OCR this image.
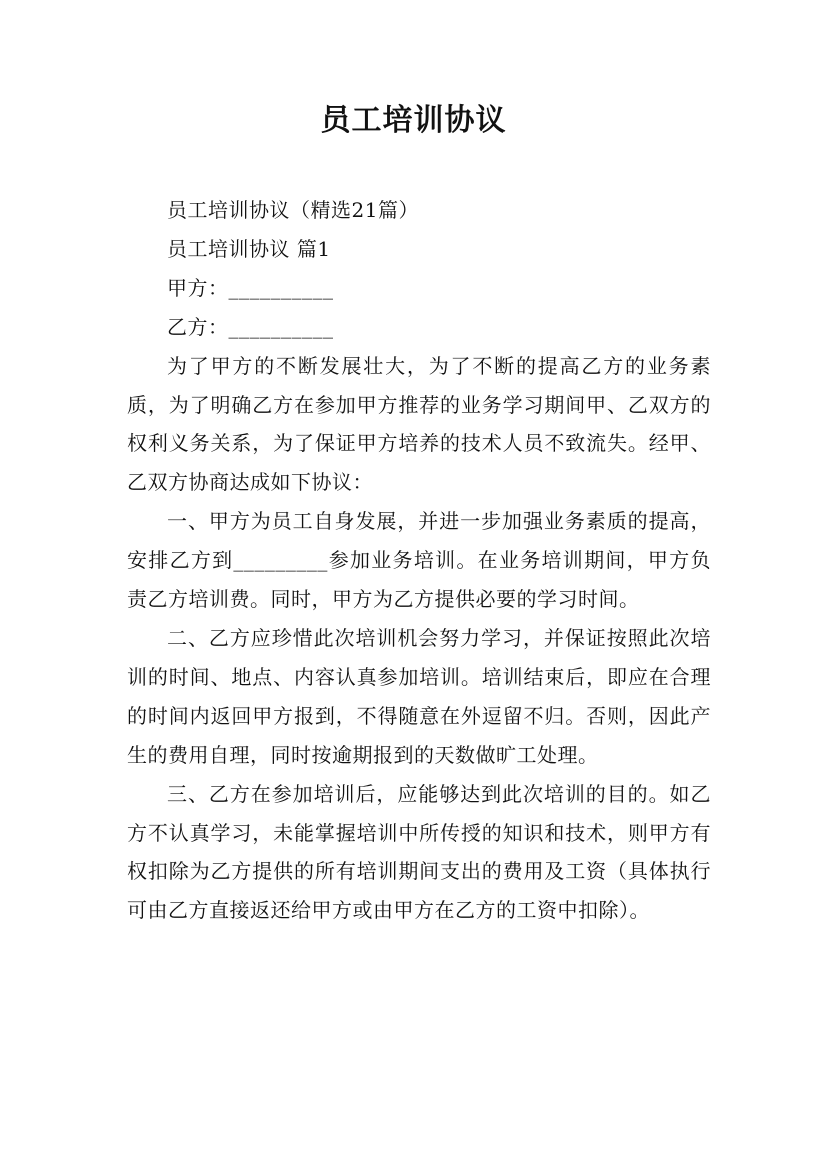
员工培训协议

员工培训协议（精选21篇）

员工培训协议 篇1

甲方：__________

乙方：__________

为了甲方的不断发展壮大，为了不断的提高乙方的业务素质，为了明确乙方在参加甲方推荐的业务学习期间甲、乙双方的权利义务关系，为了保证甲方培养的技术人员不致流失。经甲、乙双方协商达成如下协议：

一、甲方为员工自身发展，并进一步加强业务素质的提高，安排乙方到_________参加业务培训。在业务培训期间，甲方负责乙方培训费。同时，甲方为乙方提供必要的学习时间。

二、乙方应珍惜此次培训机会努力学习，并保证按照此次培训的时间、地点、内容认真参加培训。培训结束后，即应在合理的时间内返回甲方报到，不得随意在外逗留不归。否则，因此产生的费用自理，同时按逾期报到的天数做旷工处理。

三、乙方在参加培训后，应能够达到此次培训的目的。如乙方不认真学习，未能掌握培训中所传授的知识和技术，则甲方有权扣除为乙方提供的所有培训期间支出的费用及工资（具体执行可由乙方直接返还给甲方或由甲方在乙方的工资中扣除）。
